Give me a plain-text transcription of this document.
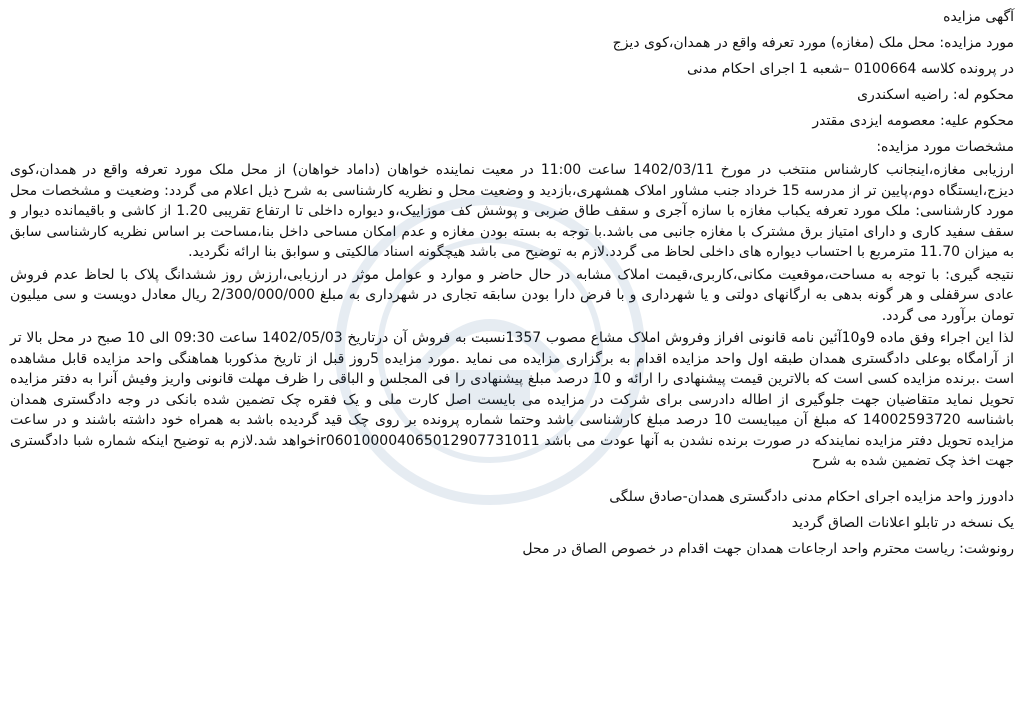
آگهی مزایده

مورد مزایده: محل ملک (مغازه) مورد تعرفه واقع در همدان،کوی دیزج

در پرونده کلاسه 0100664 –شعبه 1 اجرای احکام مدنی

محکوم له: راضیه اسکندری

محکوم علیه: معصومه ایزدی مقتدر

مشخصات مورد مزایده:

ارزیابی مغازه،اینجانب کارشناس منتخب در مورخ 1402/03/11 ساعت 11:00 در معیت نماینده خواهان (داماد خواهان) از محل ملک مورد تعرفه واقع در همدان،کوی دیزج،ایستگاه دوم،پایین تر از مدرسه 15 خرداد جنب مشاور املاک همشهری،بازدید و وضعیت محل و نظریه کارشناسی به شرح ذیل اعلام می گردد: وضعیت و مشخصات محل مورد کارشناسی: ملک مورد تعرفه یکباب مغازه با سازه آجری و سقف طاق ضربی و پوشش کف موزاییک،و دیواره داخلی تا ارتفاع تقریبی 1.20 از کاشی و باقیمانده دیوار و سقف سفید کاری و دارای امتیاز برق مشترک با مغازه جانبی می باشد.با توجه به بسته بودن مغازه و عدم امکان مساحی داخل بنا،مساحت بر اساس نظریه کارشناسی سابق به میزان 11.70 مترمربع با احتساب دیواره های داخلی لحاظ می گردد.لازم به توضیح می باشد هیچگونه اسناد مالکیتی و سوابق بنا ارائه نگردید.

نتیجه گیری: با توجه به مساحت،موقعیت مکانی،کاربری،قیمت املاک مشابه در حال حاضر و موارد و عوامل موثر در ارزیابی،ارزش روز ششدانگ پلاک با لحاظ عدم فروش عادی سرقفلی و هر گونه بدهی به ارگانهای دولتی و یا شهرداری و با فرض دارا بودن سابقه تجاری در شهرداری به مبلغ 2/300/000/000 ریال معادل دویست و سی میلیون تومان برآورد می گردد.

لذا این اجراء وفق ماده 9و10آئین نامه قانونی افراز وفروش املاک مشاع مصوب 1357نسبت به فروش آن درتاریخ 1402/05/03 ساعت 09:30 الی 10 صبح در محل بالا تر از آرامگاه بوعلی دادگستری همدان طبقه اول واحد مزایده اقدام به برگزاری مزایده می نماید .مورد مزایده 5روز قبل از تاریخ مذکوربا هماهنگی واحد مزایده قابل مشاهده است .برنده مزایده کسی است که بالاترین قیمت پیشنهادی را ارائه و 10 درصد مبلغ پیشنهادی را فی المجلس و الباقی را ظرف مهلت قانونی واریز وفیش آنرا به دفتر مزایده تحویل نماید متقاضیان جهت جلوگیری از اطاله دادرسی برای شرکت در مزایده می بایست اصل کارت ملی و یک فقره چک تضمین شده بانکی در وجه دادگستری همدان باشناسه 14002593720 که مبلغ آن میبایست 10 درصد مبلغ کارشناسی باشد وحتما شماره پرونده بر روی چک قید گردیده باشد به همراه خود داشته باشند و در ساعت مزایده تحویل دفتر مزایده نمایندکه در صورت برنده نشدن به آنها عودت می باشد ir060100004065012907731011خواهد شد.لازم به توضیح اینکه شماره شبا دادگستری جهت اخذ چک تضمین شده به شرح

دادورز واحد مزایده اجرای احکام مدنی دادگستری همدان-صادق سلگی

یک نسخه در تابلو اعلانات الصاق گردید

رونوشت: ریاست محترم واحد ارجاعات همدان جهت اقدام در خصوص الصاق در محل
